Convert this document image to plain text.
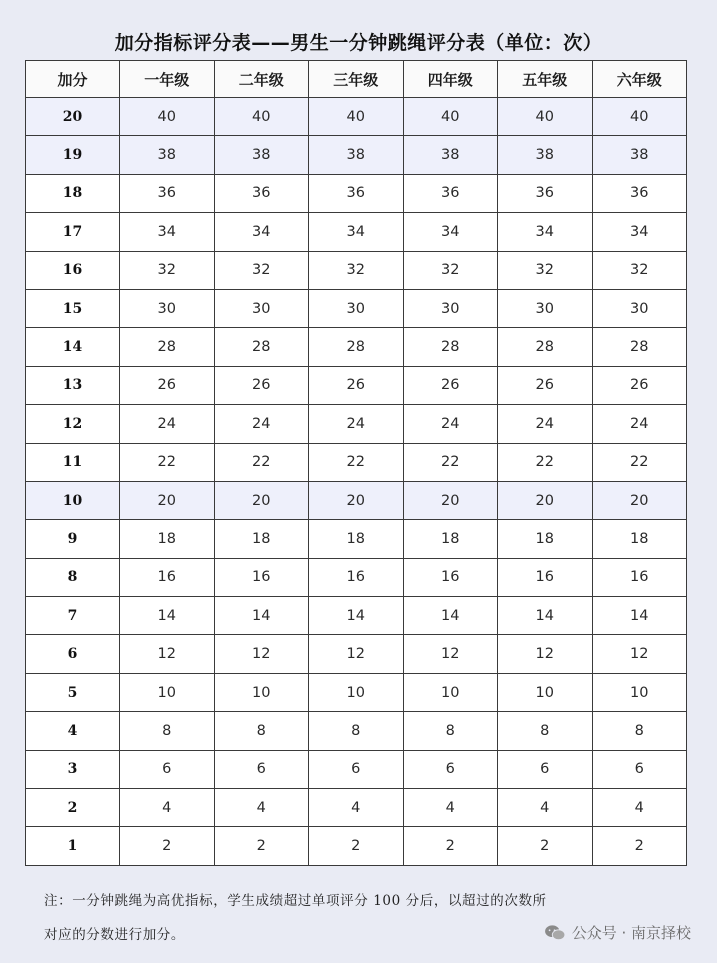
加分指标评分表——男生一分钟跳绳评分表（单位：次）
加分	一年级	二年级	三年级	四年级	五年级	六年级
20	40	40	40	40	40	40
19	38	38	38	38	38	38
18	36	36	36	36	36	36
17	34	34	34	34	34	34
16	32	32	32	32	32	32
15	30	30	30	30	30	30
14	28	28	28	28	28	28
13	26	26	26	26	26	26
12	24	24	24	24	24	24
11	22	22	22	22	22	22
10	20	20	20	20	20	20
9	18	18	18	18	18	18
8	16	16	16	16	16	16
7	14	14	14	14	14	14
6	12	12	12	12	12	12
5	10	10	10	10	10	10
4	8	8	8	8	8	8
3	6	6	6	6	6	6
2	4	4	4	4	4	4
1	2	2	2	2	2	2
注：一分钟跳绳为高优指标，学生成绩超过单项评分 100 分后，以超过的次数所
对应的分数进行加分。	公众号 · 南京择校
